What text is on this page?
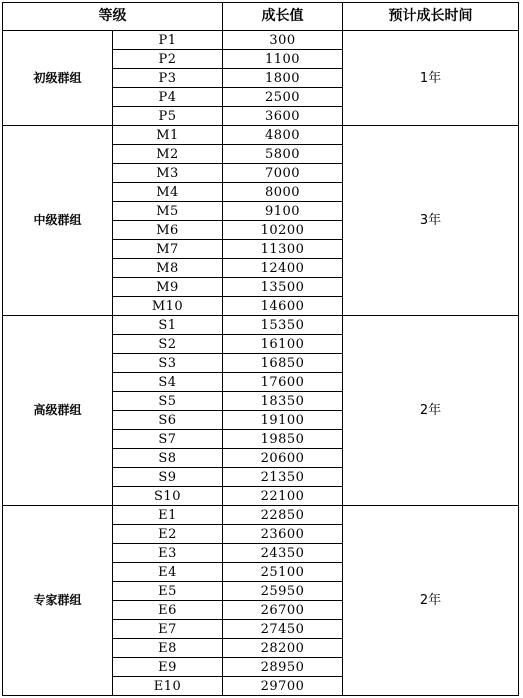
等级		成长值	预计成长时间
初级群组	P1	300	1年
	P2	1100	
	P3	1800	
	P4	2500	
	P5	3600	
中级群组	M1	4800	3年
	M2	5800	
	M3	7000	
	M4	8000	
	M5	9100	
	M6	10200	
	M7	11300	
	M8	12400	
	M9	13500	
	M10	14600	
高级群组	S1	15350	2年
	S2	16100	
	S3	16850	
	S4	17600	
	S5	18350	
	S6	19100	
	S7	19850	
	S8	20600	
	S9	21350	
	S10	22100	
专家群组	E1	22850	2年
	E2	23600	
	E3	24350	
	E4	25100	
	E5	25950	
	E6	26700	
	E7	27450	
	E8	28200	
	E9	28950	
	E10	29700	
